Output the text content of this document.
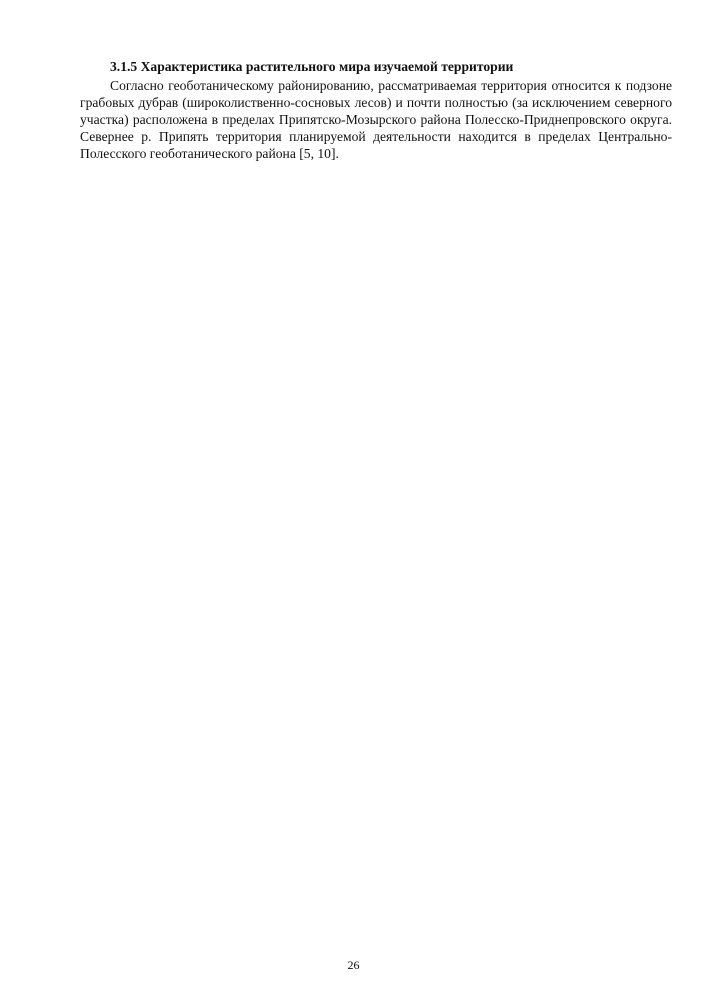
3.1.5 Характеристика растительного мира изучаемой территории

Согласно геоботаническому районированию, рассматриваемая территория относится к подзоне грабовых дубрав (широколиственно-сосновых лесов) и почти полностью (за исключением северного участка) расположена в пределах Припятско-Мозырского района Полесско-Приднепровского округа. Севернее р. Припять территория планируемой деятельности находится в пределах Центрально-Полесского геоботанического района [5, 10].

26
